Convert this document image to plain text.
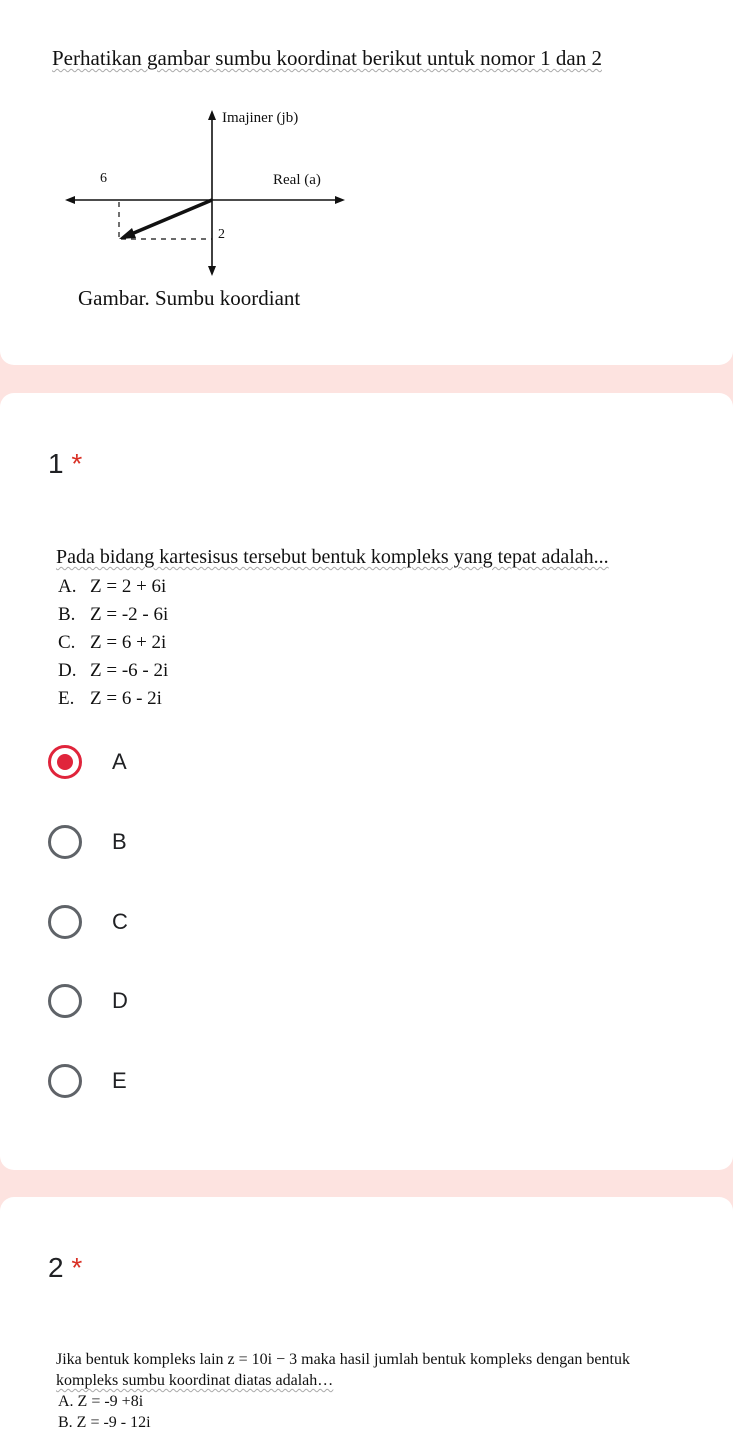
Perhatikan gambar sumbu koordinat berikut untuk nomor 1 dan 2
Imajiner (jb)
Real (a)
6
2
Gambar. Sumbu koordiant
1 *
Pada bidang kartesisus tersebut bentuk kompleks yang tepat adalah...
A. Z = 2 + 6i
B. Z = -2 - 6i
C. Z = 6 + 2i
D. Z = -6 - 2i
E. Z = 6 - 2i
A
B
C
D
E
2 *
Jika bentuk kompleks lain z = 10i − 3 maka hasil jumlah bentuk kompleks dengan bentuk
kompleks sumbu koordinat diatas adalah…
A. Z = -9 +8i
B. Z = -9 - 12i
